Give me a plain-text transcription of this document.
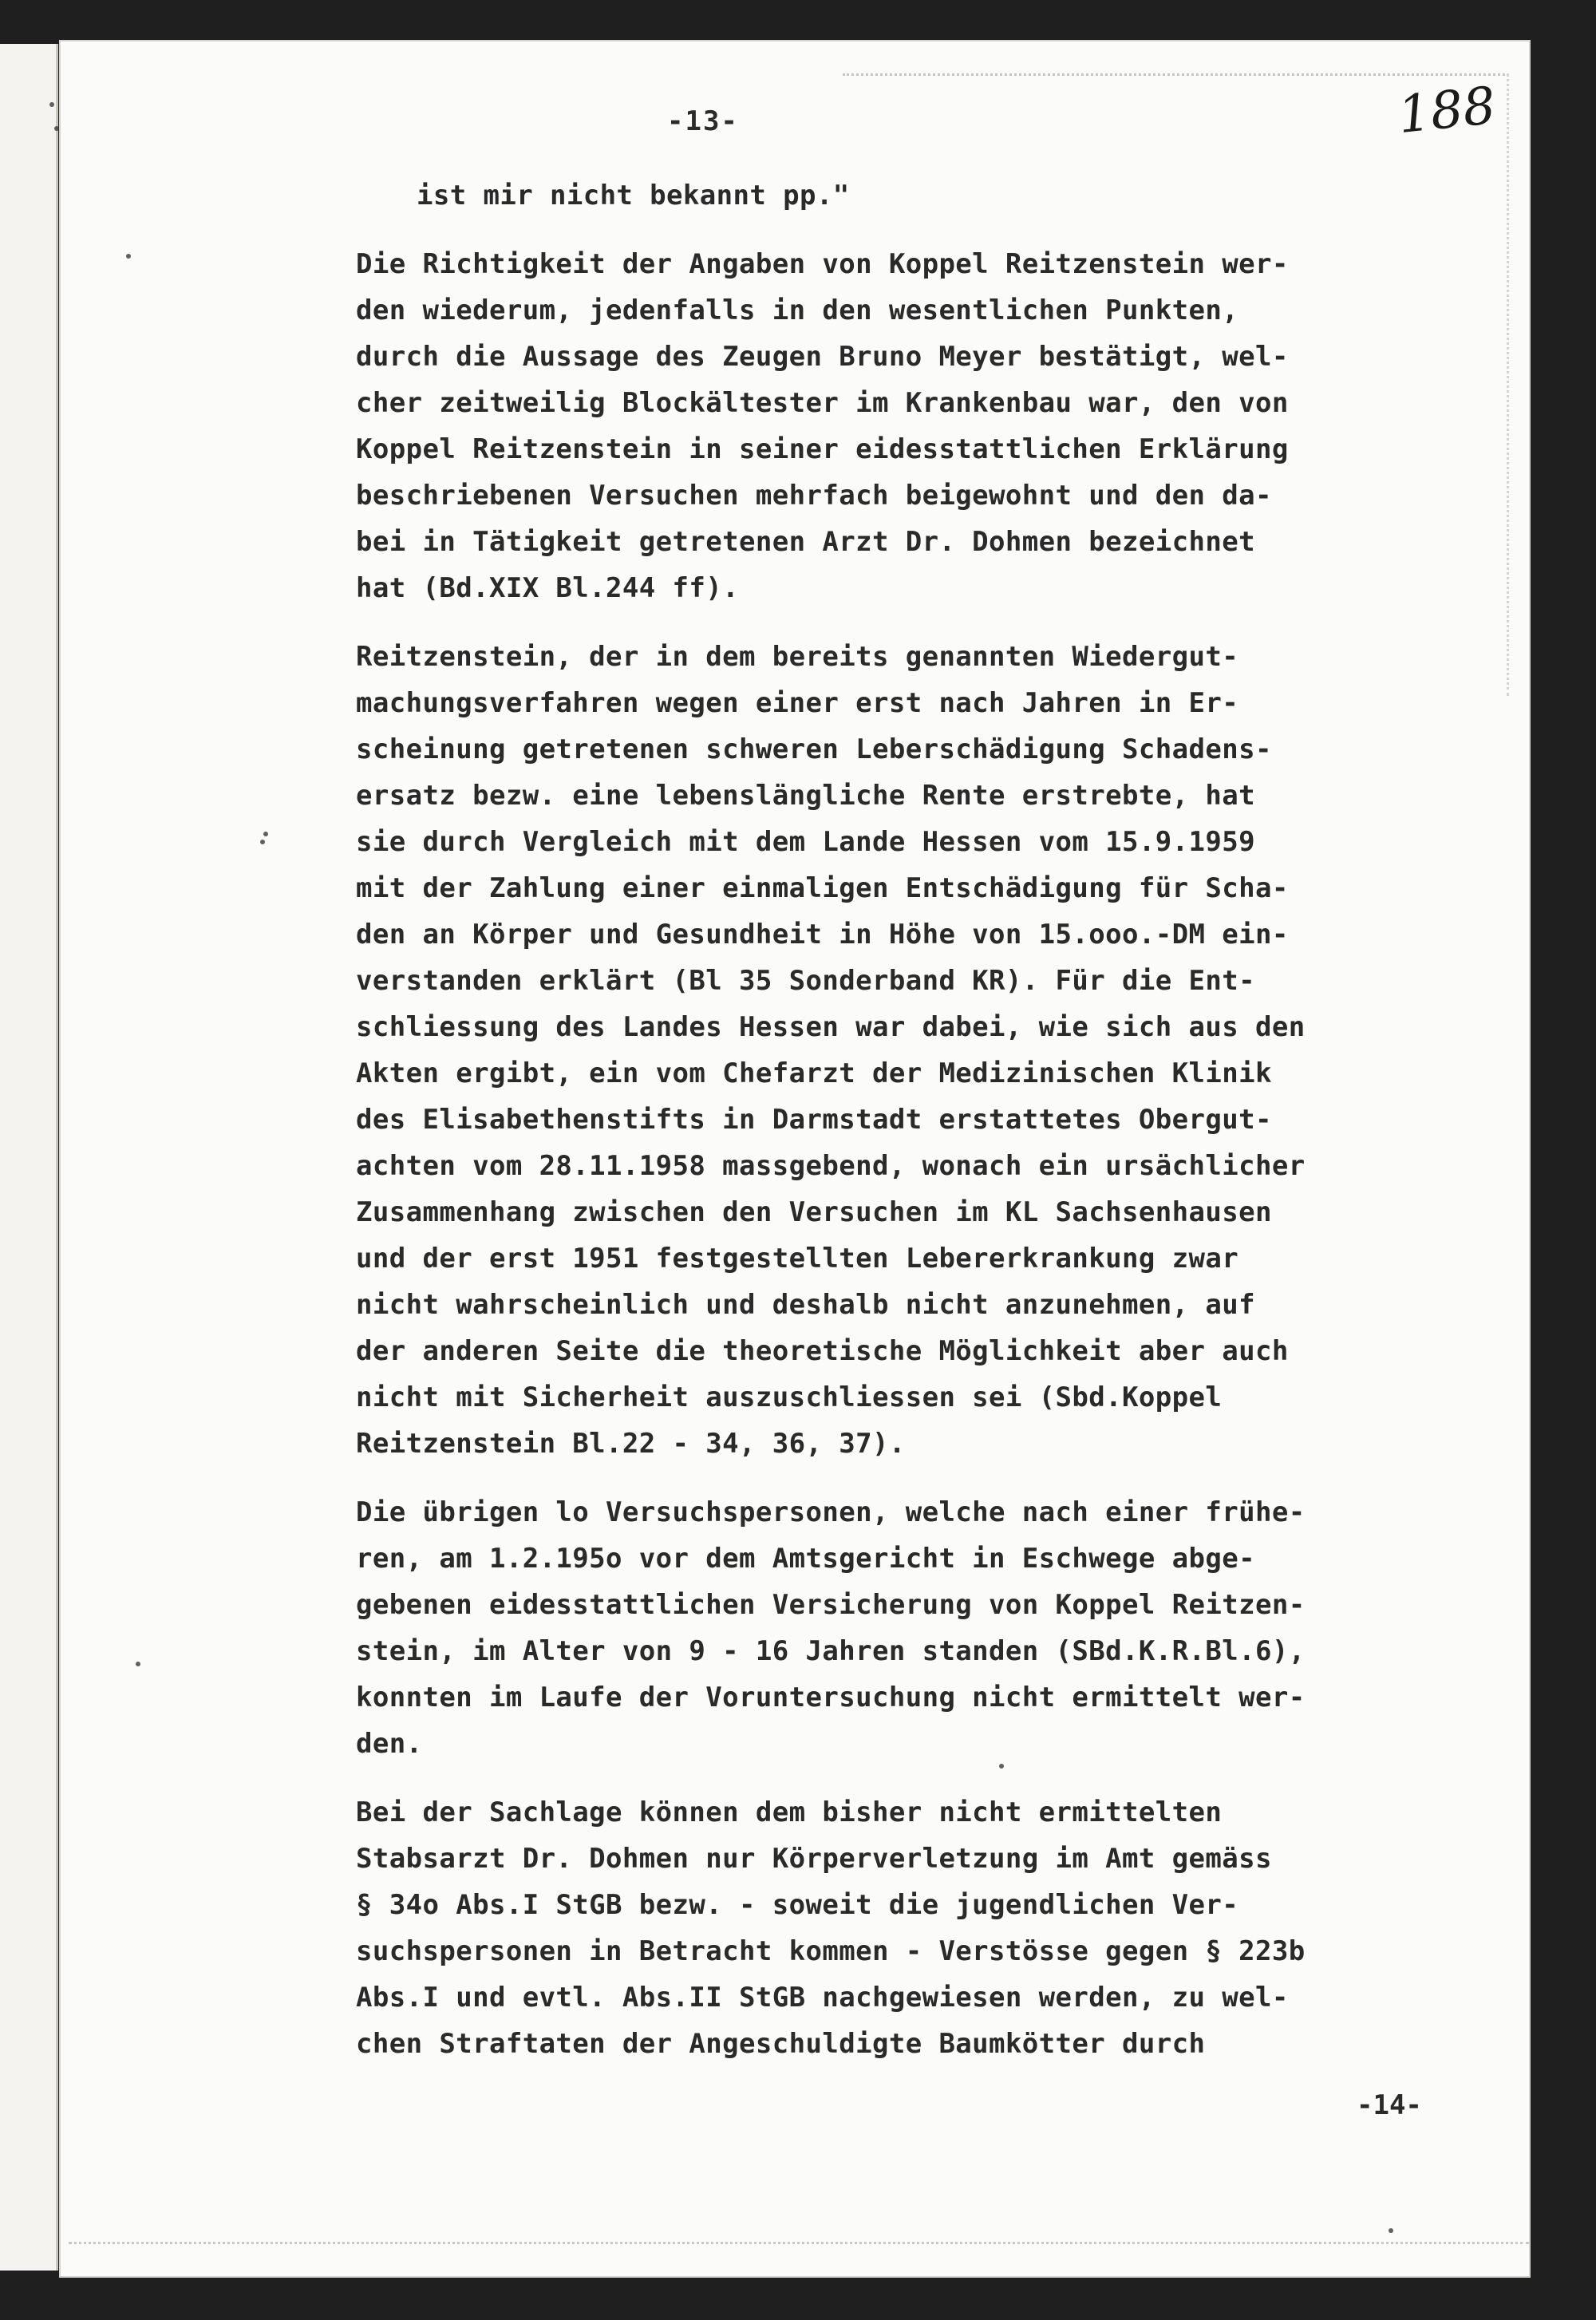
-13-	188
ist mir nicht bekannt pp."
Die Richtigkeit der Angaben von Koppel Reitzenstein wer-
den wiederum, jedenfalls in den wesentlichen Punkten,
durch die Aussage des Zeugen Bruno Meyer bestätigt, wel-
cher zeitweilig Blockältester im Krankenbau war, den von
Koppel Reitzenstein in seiner eidesstattlichen Erklärung
beschriebenen Versuchen mehrfach beigewohnt und den da-
bei in Tätigkeit getretenen Arzt Dr. Dohmen bezeichnet
hat (Bd.XIX Bl.244 ff).
Reitzenstein, der in dem bereits genannten Wiedergut-
machungsverfahren wegen einer erst nach Jahren in Er-
scheinung getretenen schweren Leberschädigung Schadens-
ersatz bezw. eine lebenslängliche Rente erstrebte, hat
sie durch Vergleich mit dem Lande Hessen vom 15.9.1959
mit der Zahlung einer einmaligen Entschädigung für Scha-
den an Körper und Gesundheit in Höhe von 15.ooo.-DM ein-
verstanden erklärt (Bl 35 Sonderband KR). Für die Ent-
schliessung des Landes Hessen war dabei, wie sich aus den
Akten ergibt, ein vom Chefarzt der Medizinischen Klinik
des Elisabethenstifts in Darmstadt erstattetes Obergut-
achten vom 28.11.1958 massgebend, wonach ein ursächlicher
Zusammenhang zwischen den Versuchen im KL Sachsenhausen
und der erst 1951 festgestellten Lebererkrankung zwar
nicht wahrscheinlich und deshalb nicht anzunehmen, auf
der anderen Seite die theoretische Möglichkeit aber auch
nicht mit Sicherheit auszuschliessen sei (Sbd.Koppel
Reitzenstein Bl.22 - 34, 36, 37).
Die übrigen lo Versuchspersonen, welche nach einer frühe-
ren, am 1.2.195o vor dem Amtsgericht in Eschwege abge-
gebenen eidesstattlichen Versicherung von Koppel Reitzen-
stein, im Alter von 9 - 16 Jahren standen (SBd.K.R.Bl.6),
konnten im Laufe der Voruntersuchung nicht ermittelt wer-
den.
Bei der Sachlage können dem bisher nicht ermittelten
Stabsarzt Dr. Dohmen nur Körperverletzung im Amt gemäss
§ 34o Abs.I StGB bezw. - soweit die jugendlichen Ver-
suchspersonen in Betracht kommen - Verstösse gegen § 223b
Abs.I und evtl. Abs.II StGB nachgewiesen werden, zu wel-
chen Straftaten der Angeschuldigte Baumkötter durch
-14-
